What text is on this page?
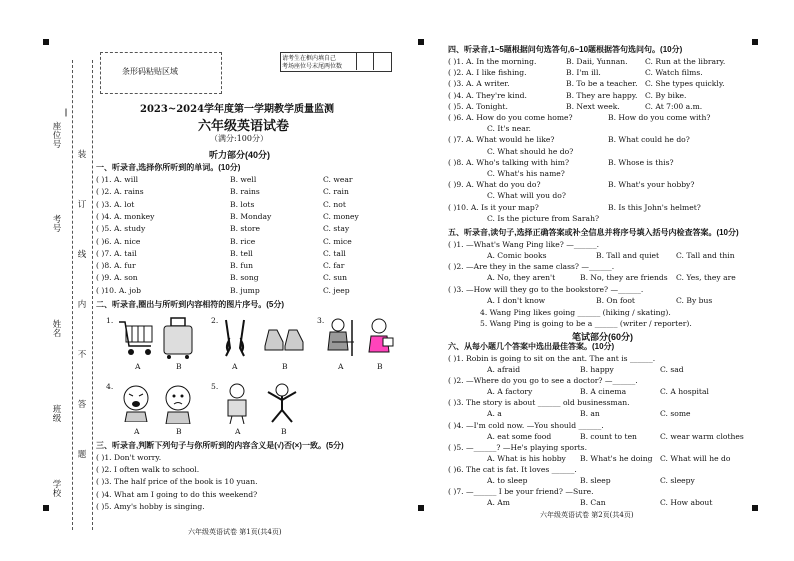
座位号
考号
姓名
班级
学校
装
订
线
内
不
答
题
条形码粘贴区域
请考生在框内填自己
考场座位号末尾两位数
2023~2024学年度第一学期教学质量监测
六年级英语试卷
（满分:100分）
听力部分(40分)
一、听录音,选择你所听到的单词。(10分)
( )1. A. will	B. well	C. wear
( )2. A. rains	B. rains	C. rain
( )3. A. lot	B. lots	C. not
( )4. A. monkey	B. Monday	C. money
( )5. A. study	B. store	C. stay
( )6. A. nice	B. rice	C. mice
( )7. A. tail	B. tell	C. tall
( )8. A. fur	B. fun	C. far
( )9. A. son	B. song	C. sun
( )10. A. job	B. jump	C. jeep
二、听录音,圈出与所听到内容相符的图片序号。(5分)
1.	2.	3.
4.	5.
A	B	A	B	A	B
A	B	A	B
三、听录音,判断下列句子与你所听到的内容含义是(√)否(×)一致。(5分)
( )1. Don't worry.
( )2. I often walk to school.
( )3. The half price of the book is 10 yuan.
( )4. What am I going to do this weekend?
( )5. Amy's hobby is singing.
六年级英语试卷 第1页(共4页)
四、听录音,1~5题根据问句选答句,6~10题根据答句选问句。(10分)
( )1. A. In the morning.	B. Daii, Yunnan. C. Run at the library.
( )2. A. I like fishing.	B. I'm ill.	C. Watch films.
( )3. A. A writer.	B. To be a teacher. C. She types quickly.
( )4. A. They're kind.	B. They are happy. C. By bike.
( )5. A. Tonight.	B. Next week.	C. At 7:00 a.m.
( )6. A. How do you come home?	B. How do you come with?
C. It's near.
( )7. A. What would he like?	B. What could he do?
C. What should he do?
( )8. A. Who's talking with him?	B. Whose is this?
C. What's his name?
( )9. A. What do you do?	B. What's your hobby?
C. What will you do?
( )10. A. Is it your map?	B. Is this John's helmet?
C. Is the picture from Sarah?
五、听录音,读句子,选择正确答案或补全信息并将序号填入括号内检查答案。(10分)
( )1. —What's Wang Ping like? —______.
A. Comic books	B. Tall and quiet C. Tall and thin
( )2. —Are they in the same class? —______.
A. No, they aren't	B. No, they are friends C. Yes, they are
( )3. —How will they go to the bookstore? —______.
A. I don't know	B. On foot	C. By bus
4. Wang Ping likes going ______ (hiking / skating).
5. Wang Ping is going to be a ______ (writer / reporter).
笔试部分(60分)
六、从每小题几个答案中选出最佳答案。(10分)
( )1. Robin is going to sit on the ant. The ant is ______.
A. afraid	B. happy	C. sad
( )2. —Where do you go to see a doctor? —______.
A. A factory	B. A cinema	C. A hospital
( )3. The story is about ______ old businessman.
A. a	B. an	C. some
( )4. —I'm cold now. —You should ______.
A. eat some food	B. count to ten	C. wear warm clothes
( )5. —______? —He's playing sports.
A. What is his hobby B. What's he doing C. What will he do
( )6. The cat is fat. It loves ______.
A. to sleep	B. sleep	C. sleepy
( )7. —______ I be your friend? —Sure.
A. Am	B. Can	C. How about
六年级英语试卷 第2页(共4页)
